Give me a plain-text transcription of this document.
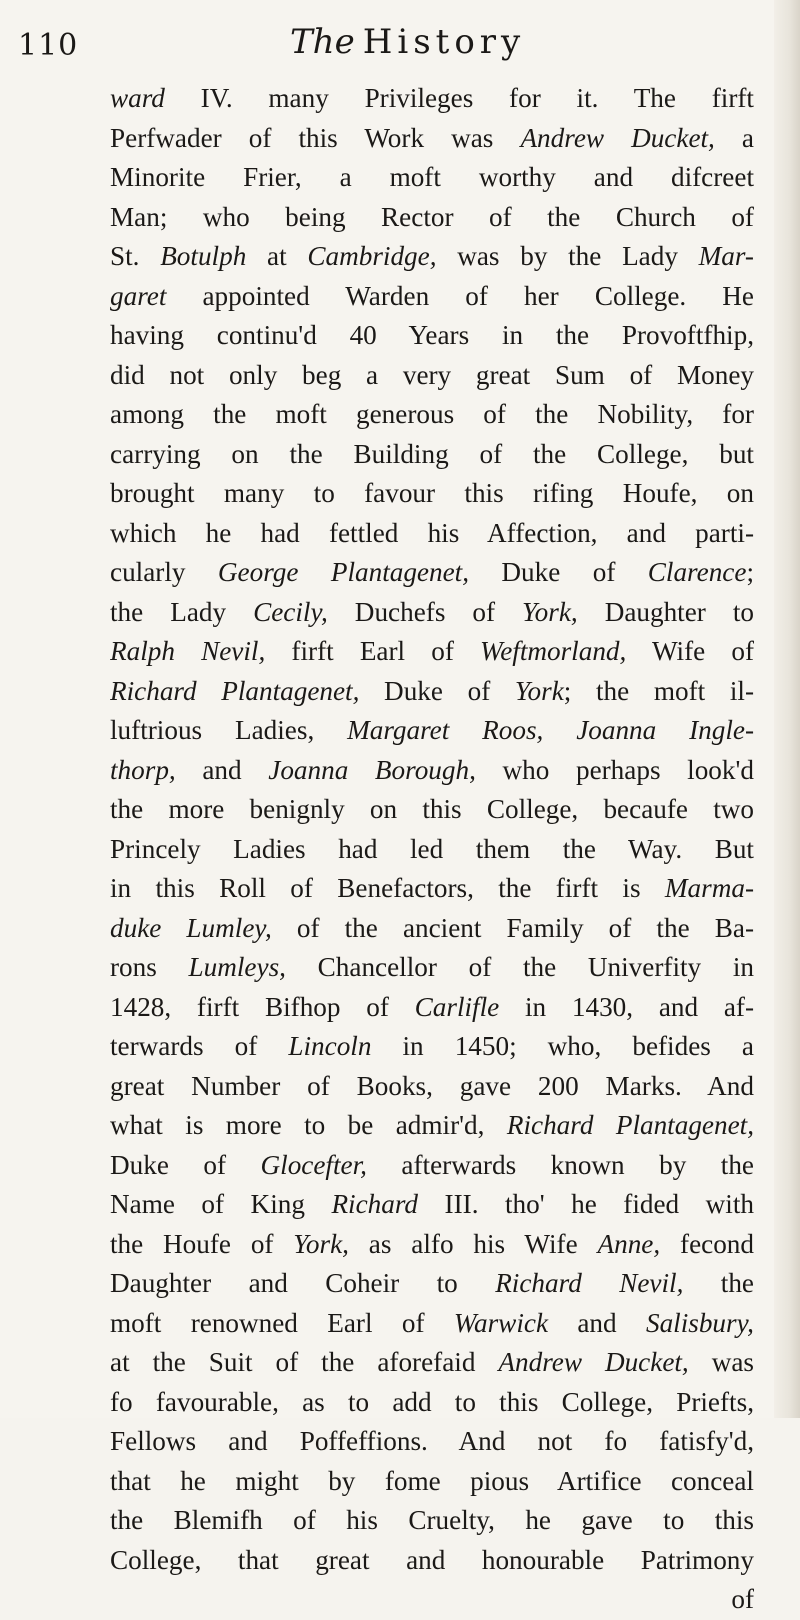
110	The History
ward IV. many Privileges for it. The firft
Perfwader of this Work was Andrew Ducket, a
Minorite Frier, a moft worthy and difcreet
Man; who being Rector of the Church of
St. Botulph at Cambridge, was by the Lady Mar-
garet appointed Warden of her College. He
having continu'd 40 Years in the Provoftfhip,
did not only beg a very great Sum of Money
among the moft generous of the Nobility, for
carrying on the Building of the College, but
brought many to favour this rifing Houfe, on
which he had fettled his Affection, and parti-
cularly George Plantagenet, Duke of Clarence;
the Lady Cecily, Duchefs of York, Daughter to
Ralph Nevil, firft Earl of Weftmorland, Wife of
Richard Plantagenet, Duke of York; the moft il-
luftrious Ladies, Margaret Roos, Joanna Ingle-
thorp, and Joanna Borough, who perhaps look'd
the more benignly on this College, becaufe two
Princely Ladies had led them the Way. But
in this Roll of Benefactors, the firft is Marma-
duke Lumley, of the ancient Family of the Ba-
rons Lumleys, Chancellor of the Univerfity in
1428, firft Bifhop of Carlifle in 1430, and af-
terwards of Lincoln in 1450; who, befides a
great Number of Books, gave 200 Marks. And
what is more to be admir'd, Richard Plantagenet,
Duke of Glocefter, afterwards known by the
Name of King Richard III. tho' he fided with
the Houfe of York, as alfo his Wife Anne, fecond
Daughter and Coheir to Richard Nevil, the
moft renowned Earl of Warwick and Salisbury,
at the Suit of the aforefaid Andrew Ducket, was
fo favourable, as to add to this College, Priefts,
Fellows and Poffeffions. And not fo fatisfy'd,
that he might by fome pious Artifice conceal
the Blemifh of his Cruelty, he gave to this
College, that great and honourable Patrimony
of
